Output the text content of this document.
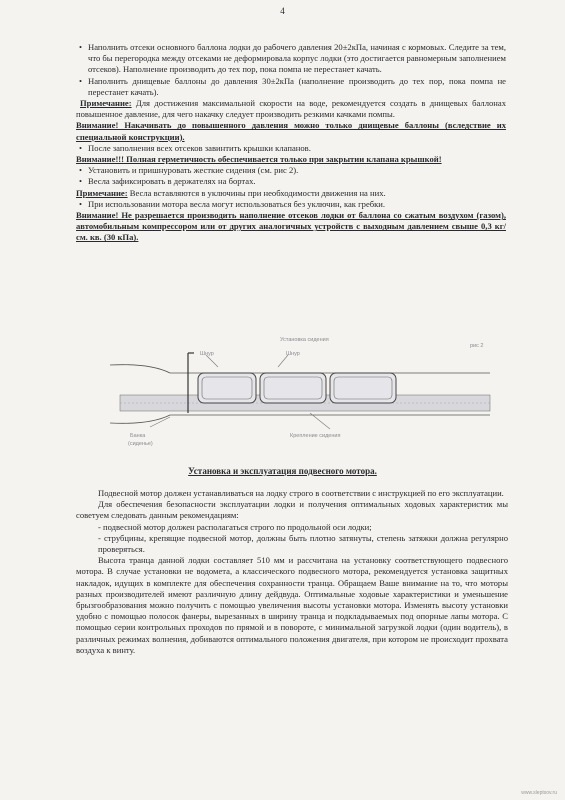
4

• Наполнить отсеки основного баллона лодки до рабочего давления 20±2кПа, начиная с кормовых. Следите за тем, что бы перегородка между отсеками не деформировала корпус лодки (это достигается равномерным заполнением отсеков). Наполнение производить до тех пор, пока помпа не перестанет качать.

• Наполнить днищевые баллоны до давления 30±2кПа (наполнение производить до тех пор, пока помпа не перестанет качать).

Примечание: Для достижения максимальной скорости на воде, рекомендуется создать в днищевых баллонах повышенное давление, для чего накачку следует производить резкими качками помпы.

Внимание! Накачивать до повышенного давления можно только днищевые баллоны (вследствие их специальной конструкции).

• После заполнения всех отсеков завинтить крышки клапанов.

Внимание!!! Полная герметичность обеспечивается только при закрытии клапана крышкой!

• Установить и пришнуровать жесткие сидения (см. рис 2).

• Весла зафиксировать в держателях на бортах.

Примечание: Весла вставляются в уключины при необходимости движения на них.

• При использовании мотора весла могут использоваться без уключин, как гребки.

Внимание! Не разрешается производить наполнение отсеков лодки от баллона со сжатым воздухом (газом), автомобильным компрессором или от других аналогичных устройств с выходным давлением свыше 0,3 кг/см. кв. (30 кПа).

Установка сидения
рис 2
Шнур	Шнур
Банка
(сиденье)
Крепление сидения
Установка и эксплуатация подвесного мотора.

Подвесной мотор должен устанавливаться на лодку строго в соответствии с инструкцией по его эксплуатации.

Для обеспечения безопасности эксплуатации лодки и получения оптимальных ходовых характеристик мы советуем следовать данным рекомендациям:

- подвесной мотор должен располагаться строго по продольной оси лодки;

- струбцины, крепящие подвесной мотор, должны быть плотно затянуты, степень затяжки должна регулярно проверяться.

Высота транца данной лодки составляет 510 мм и рассчитана на установку соответствующего подвесного мотора. В случае установки не водомета, а классического подвесного мотора, рекомендуется установка защитных накладок, идущих в комплекте для обеспечения сохранности транца. Обращаем Ваше внимание на то, что моторы разных производителей имеют различную длину дейдвуда. Оптимальные ходовые характеристики и уменьшение брызгообразования можно получить с помощью увеличения высоты установки мотора. Изменять высоту установки удобно с помощью полосок фанеры, вырезанных в ширину транца и подкладываемых под опорные лапы мотора. С помощью серии контрольных проходов по прямой и в повороте, с минимальной загрузкой лодки (один водитель), в различных режимах волнения, добиваются оптимального положения двигателя, при котором не происходит прохвата воздуха к винту.

www.sleptsov.ru
